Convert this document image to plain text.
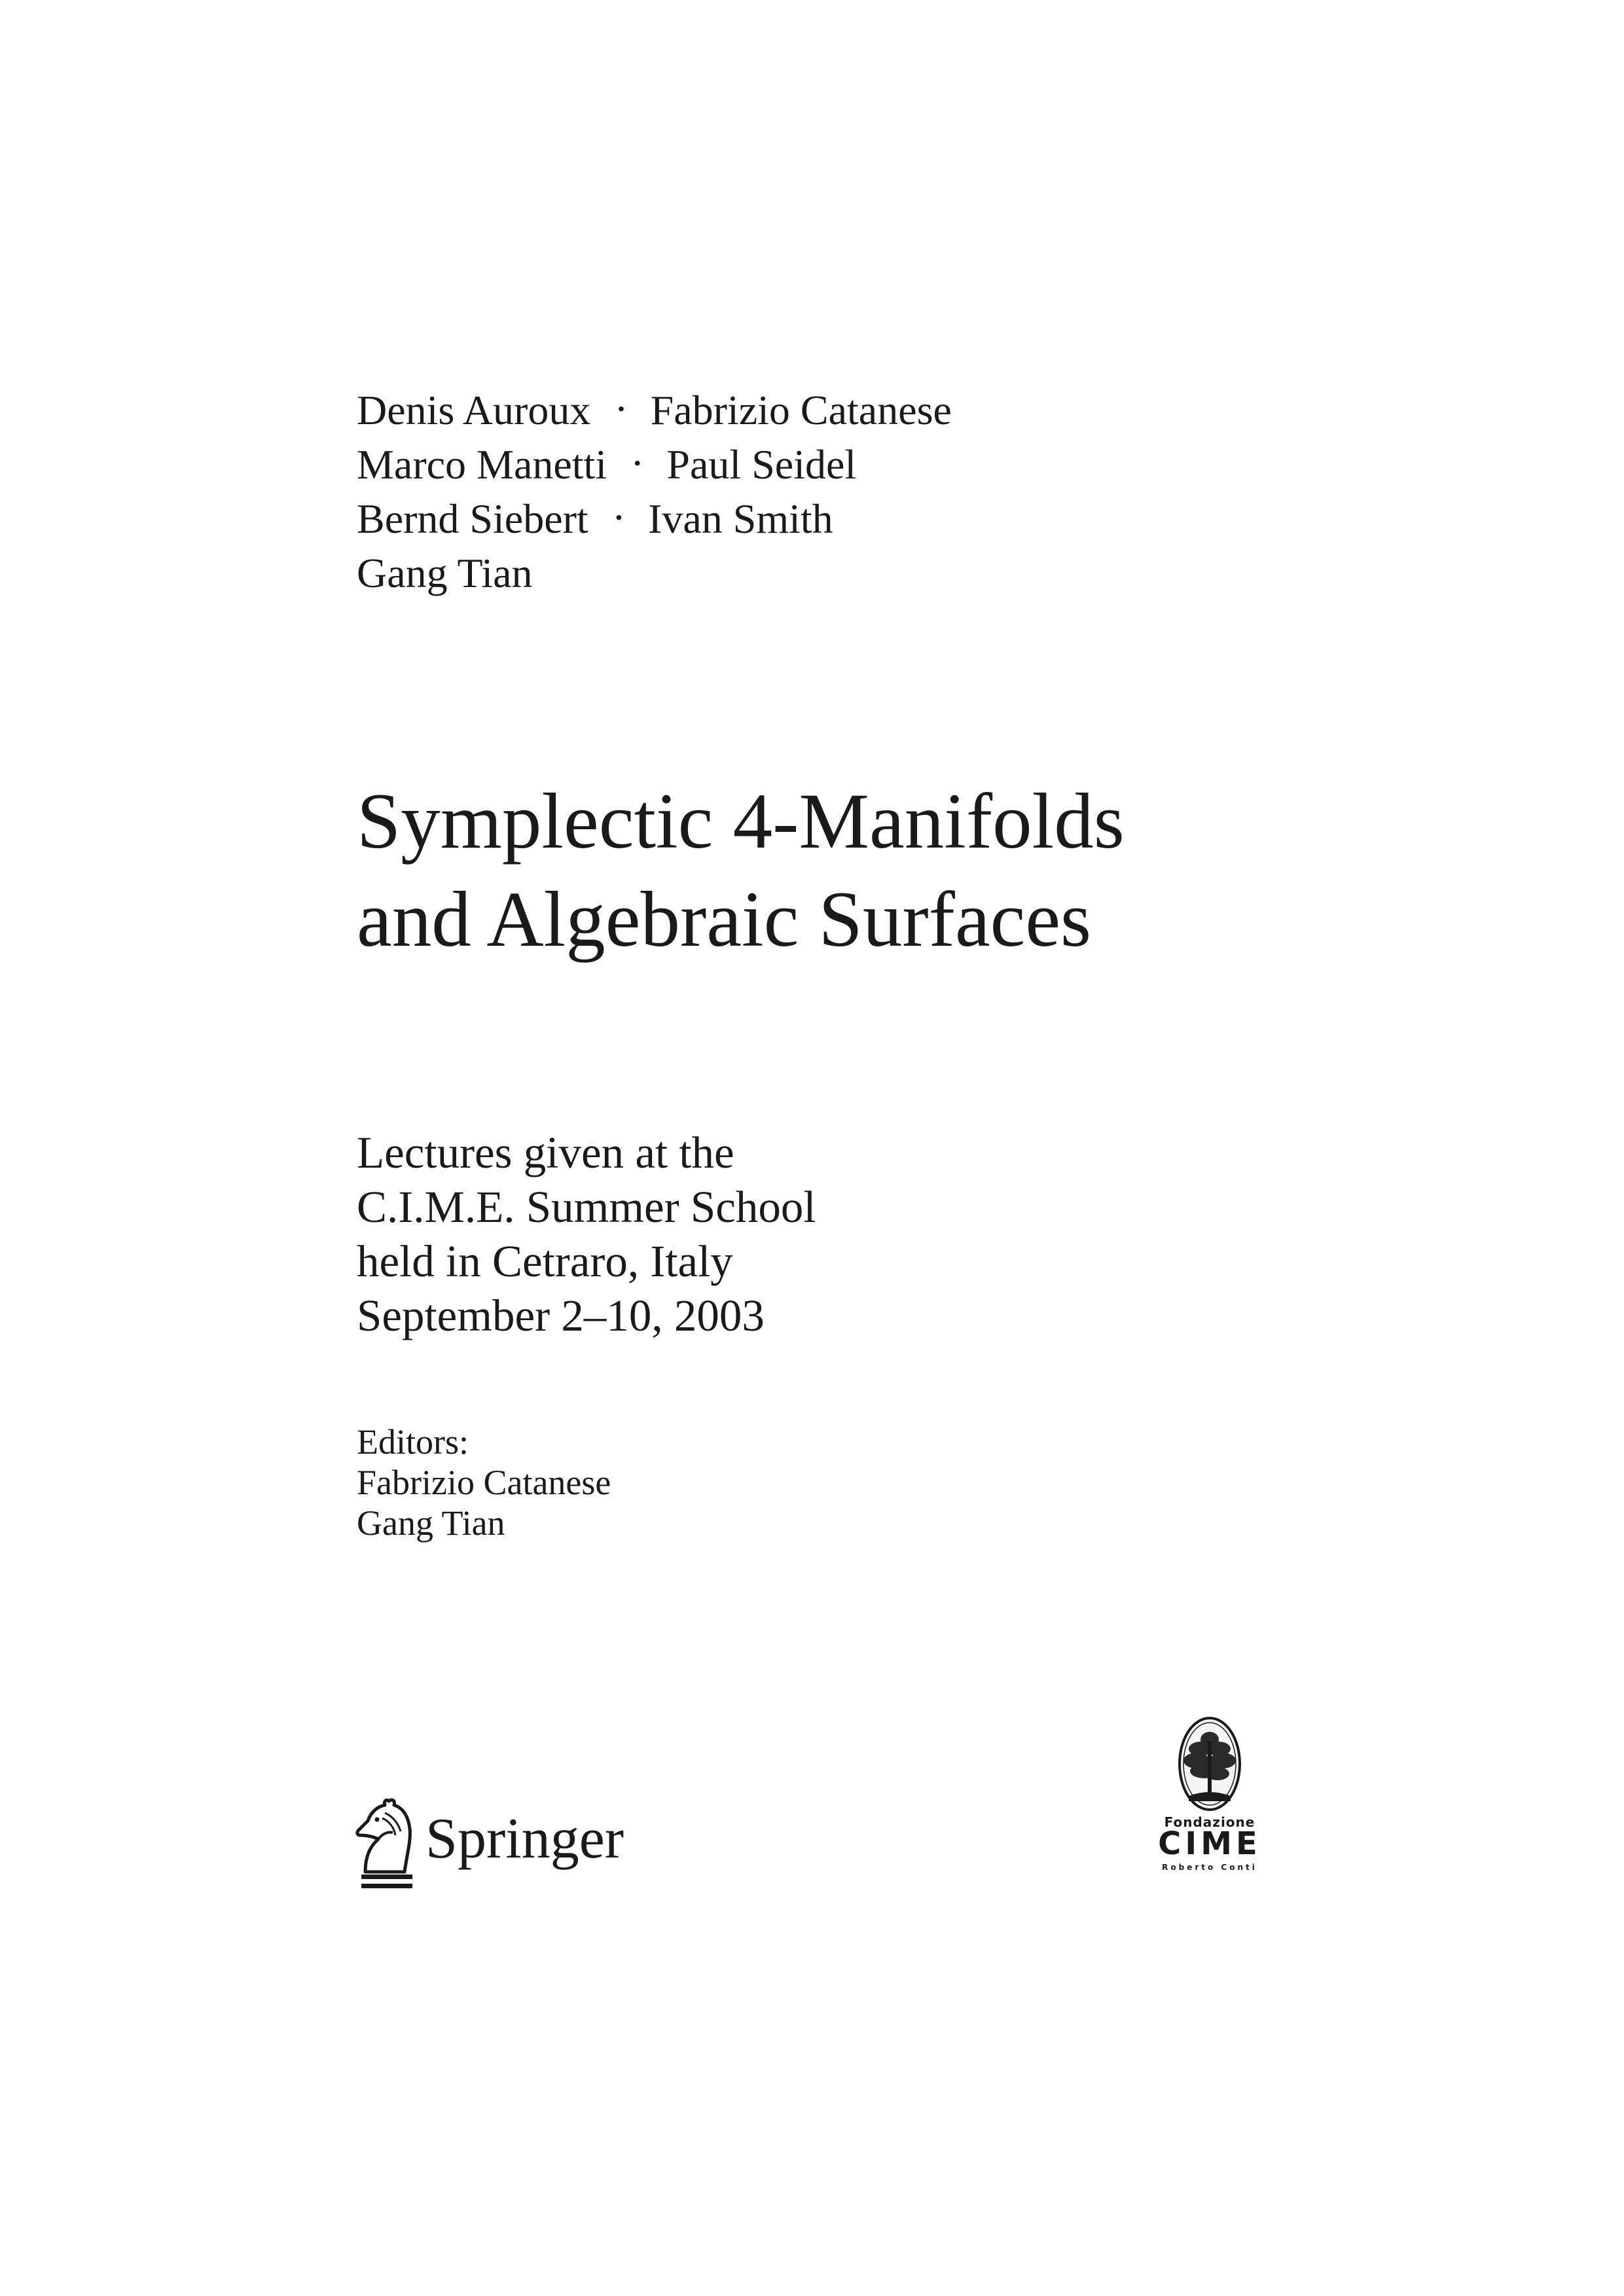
Denis Auroux · Fabrizio Catanese
Marco Manetti · Paul Seidel
Bernd Siebert · Ivan Smith
Gang Tian
Symplectic 4-Manifolds
and Algebraic Surfaces
Lectures given at the
C.I.M.E. Summer School
held in Cetraro, Italy
September 2–10, 2003
Editors:
Fabrizio Catanese
Gang Tian
Springer	Fondazione
CIME
Roberto Conti
